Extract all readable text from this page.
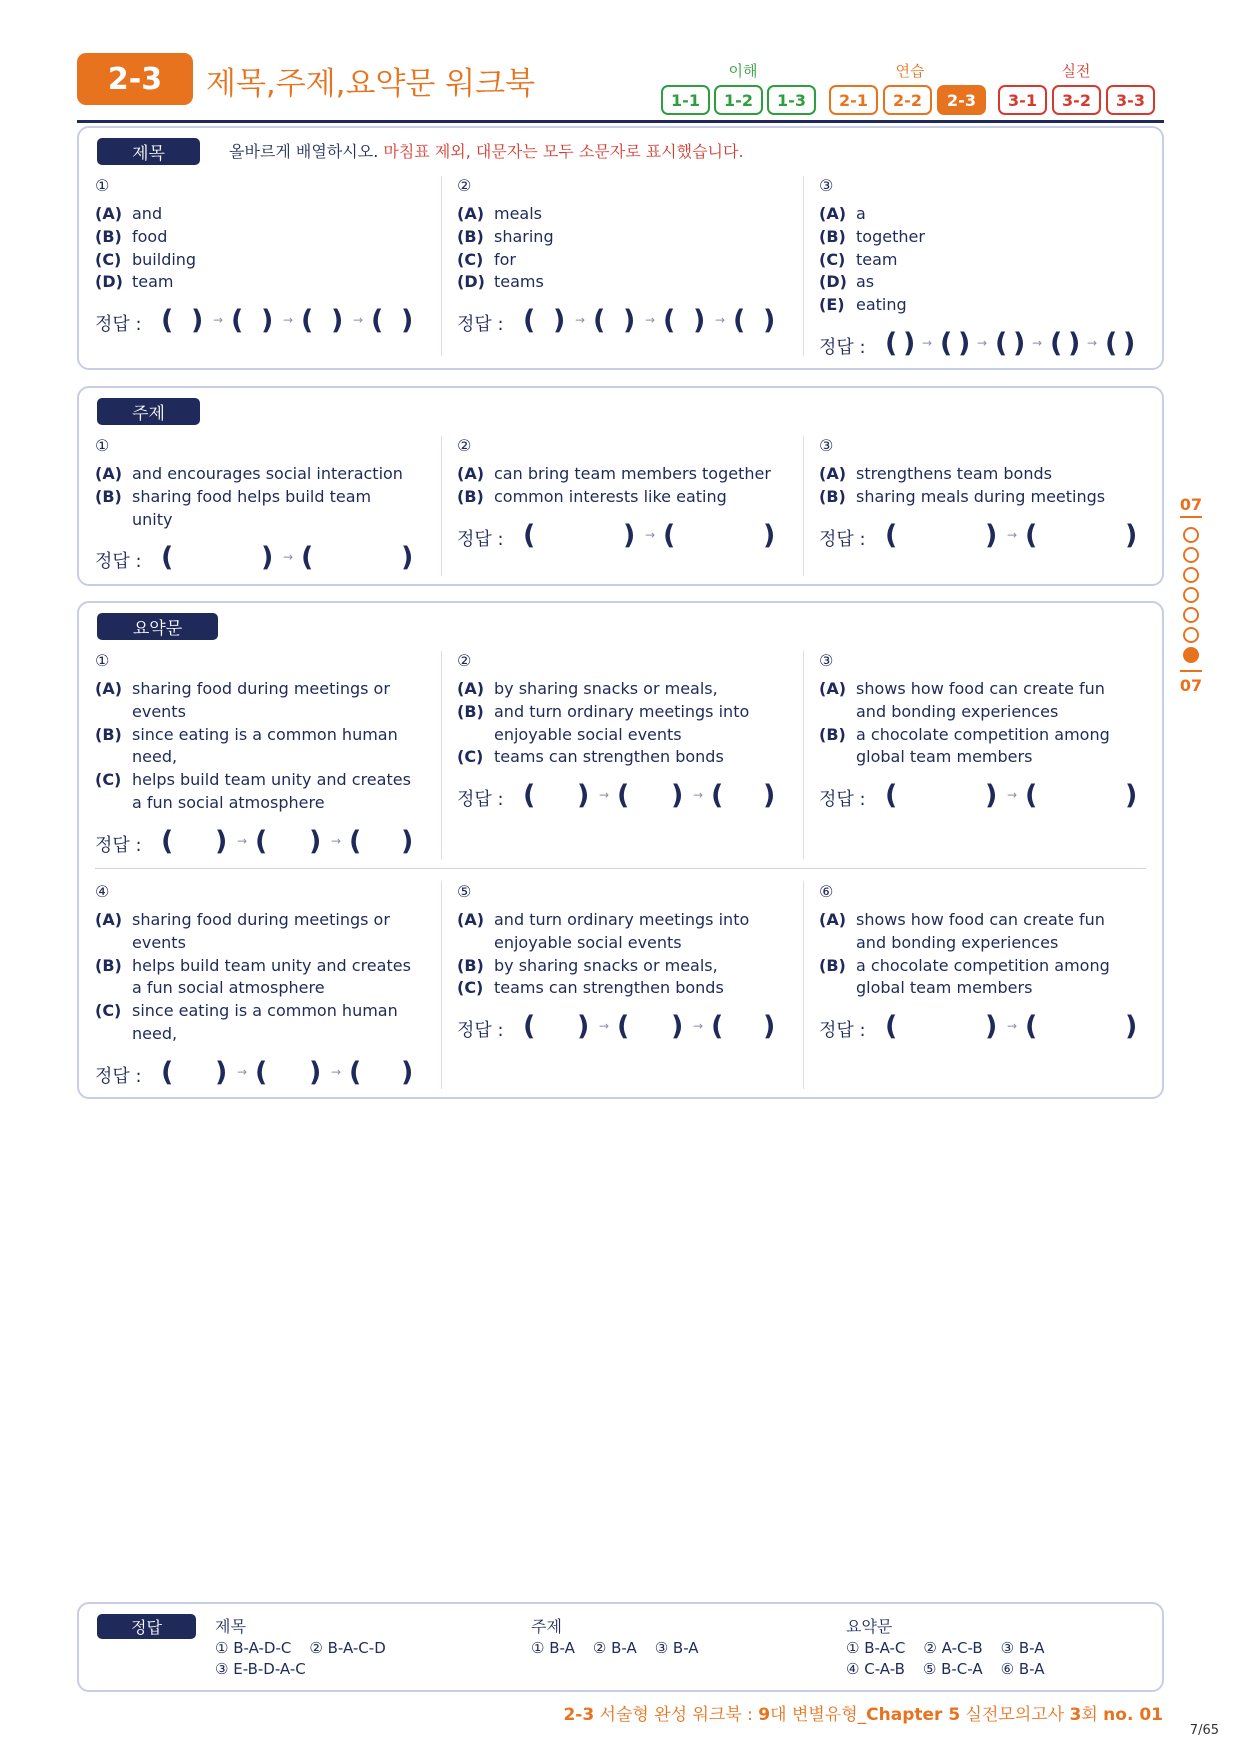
2-3	제목,주제,요약문 워크북	이해	연습	실전
1-1	1-2	1-3	2-1	2-2	2-3	3-1	3-2	3-3
제목	올바르게 배열하시오. 마침표 제외, 대문자는 모두 소문자로 표시했습니다.
①
(A) and
(B) food
(C) building
(D) team
정답 : ( ) → ( ) → ( ) → ( )
②
(A) meals
(B) sharing
(C) for
(D) teams
정답 : ( ) → ( ) → ( ) → ( )
③
(A) a
(B) together
(C) team
(D) as
(E) eating
정답 : ( ) → ( ) → ( ) → ( ) → ( )
주제
①
(A) and encourages social interaction
(B) sharing food helps build team unity
정답 : (	) → (	)
②
(A) can bring team members together
(B) common interests like eating
정답 : (	) → (	)
③
(A) strengthens team bonds
(B) sharing meals during meetings
정답 : (	) → (	)
요약문
①
(A) sharing food during meetings or events
(B) since eating is a common human need,
(C) helps build team unity and creates a fun social atmosphere
정답 : ( ) → ( ) → ( )
②
(A) by sharing snacks or meals,
(B) and turn ordinary meetings into enjoyable social events
(C) teams can strengthen bonds
정답 : ( ) → ( ) → ( )
③
(A) shows how food can create fun and bonding experiences
(B) a chocolate competition among global team members
정답 : (	) → (	)
④
(A) sharing food during meetings or events
(B) helps build team unity and creates a fun social atmosphere
(C) since eating is a common human need,
정답 : ( ) → ( ) → ( )
⑤
(A) and turn ordinary meetings into enjoyable social events
(B) by sharing snacks or meals,
(C) teams can strengthen bonds
정답 : ( ) → ( ) → ( )
⑥
(A) shows how food can create fun and bonding experiences
(B) a chocolate competition among global team members
정답 : (	) → (	)
07
07
정답	제목
① B-A-D-C ② B-A-C-D
③ E-B-D-A-C
주제
① B-A ② B-A ③ B-A
요약문
① B-A-C ② A-C-B ③ B-A
④ C-A-B ⑤ B-C-A ⑥ B-A
2-3 서술형 완성 워크북 : 9대 변별유형_Chapter 5 실전모의고사 3회 no. 01
7/65
